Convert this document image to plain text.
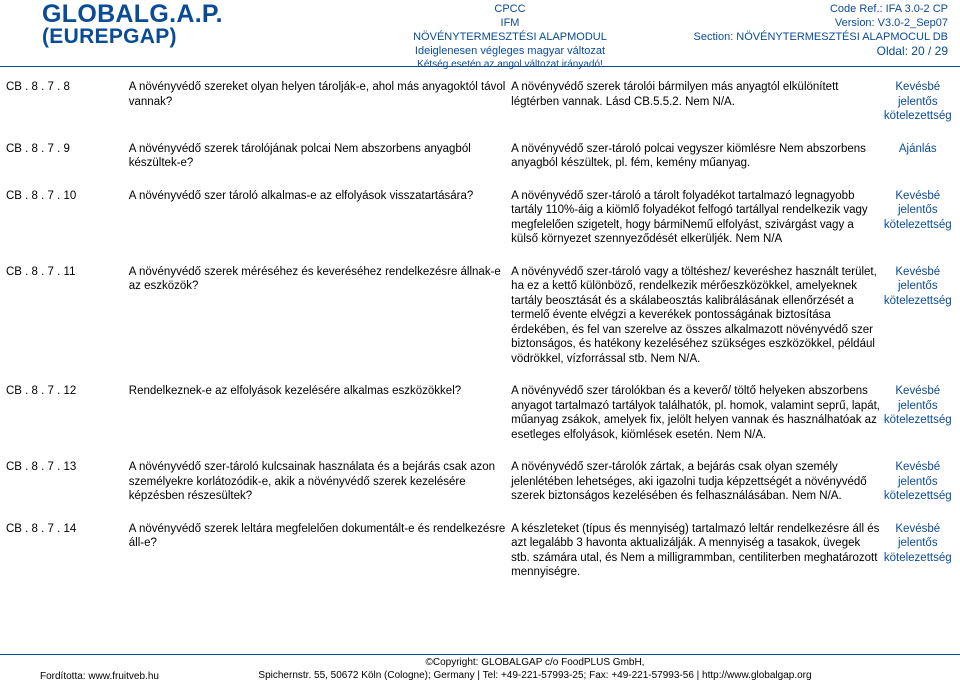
GLOBALG.A.P.
(EUREPGAP)
CPCC
IFM
NÖVÉNYTERMESZTÉSI ALAPMODUL
Ideiglenesen végleges magyar változat
Kétség esetén az angol változat irányadó!
Code Ref.: IFA 3.0-2 CP
Version: V3.0-2_Sep07
Section: NÖVÉNYTERMESZTÉSI ALAPMOCUL DB
Oldal: 20 / 29
CB . 8 . 7 . 8	A növényvédő szereket olyan helyen tárolják-e, ahol más anyagoktól távol vannak?	A növényvédő szerek tárolói bármilyen más anyagtól elkülönített légtérben vannak. Lásd CB.5.5.2. Nem N/A.	Kevésbé jelentős kötelezettség

CB . 8 . 7 . 9	A növényvédő szerek tárolójának polcai Nem abszorbens anyagból készültek-e?	A növényvédő szer-tároló polcai vegyszer kiömlésre Nem abszorbens anyagból készültek, pl. fém, kemény műanyag.	Ajánlás

CB . 8 . 7 . 10	A növényvédő szer tároló alkalmas-e az elfolyások visszatartására?	A növényvédő szer-tároló a tárolt folyadékot tartalmazó legnagyobb tartály 110%-áig a kiömlő folyadékot felfogó tartállyal rendelkezik vagy megfelelően szigetelt, hogy bármiNemű elfolyást, szivárgást vagy a külső környezet szennyeződését elkerüljék. Nem N/A	Kevésbé jelentős kötelezettség

CB . 8 . 7 . 11	A növényvédő szerek méréséhez és keveréséhez rendelkezésre állnak-e az eszközök?	A növényvédő szer-tároló vagy a töltéshez/ keveréshez használt terület, ha ez a kettő különböző, rendelkezik mérőeszközökkel, amelyeknek tartály beosztását és a skálabeosztás kalibrálásának ellenőrzését a termelő évente elvégzi a keverékek pontosságának biztosítása érdekében, és fel van szerelve az összes alkalmazott növényvédő szer biztonságos, és hatékony kezeléséhez szükséges eszközökkel, például vödrökkel, vízforrással stb. Nem N/A.	Kevésbé jelentős kötelezettség

CB . 8 . 7 . 12	Rendelkeznek-e az elfolyások kezelésére alkalmas eszközökkel?	A növényvédő szer tárolókban és a keverő/ töltő helyeken abszorbens anyagot tartalmazó tartályok találhatók, pl. homok, valamint seprű, lapát, műanyag zsákok, amelyek fix, jelölt helyen vannak és használhatóak az esetleges elfolyások, kiömlések esetén. Nem N/A.	Kevésbé jelentős kötelezettség

CB . 8 . 7 . 13	A növényvédő szer-tároló kulcsainak használata és a bejárás csak azon személyekre korlátozódik-e, akik a növényvédő szerek kezelésére képzésben részesültek?	A növényvédő szer-tárolók zártak, a bejárás csak olyan személy jelenlétében lehetséges, aki igazolni tudja képzettségét a növényvédő szerek biztonságos kezelésében és felhasználásában. Nem N/A.	Kevésbé jelentős kötelezettség

CB . 8 . 7 . 14	A növényvédő szerek leltára megfelelően dokumentált-e és rendelkezésre áll-e?	A készleteket (típus és mennyiség) tartalmazó leltár rendelkezésre áll és azt legalább 3 havonta aktualizálják. A mennyiség a tasakok, üvegek stb. számára utal, és Nem a milligrammban, centiliterben meghatározott mennyiségre.	Kevésbé jelentős kötelezettség
Fordította: www.fruitveb.hu
©Copyright: GLOBALGAP c/o FoodPLUS GmbH,
Spichernstr. 55, 50672 Köln (Cologne); Germany | Tel: +49-221-57993-25; Fax: +49-221-57993-56 | http://www.globalgap.org
